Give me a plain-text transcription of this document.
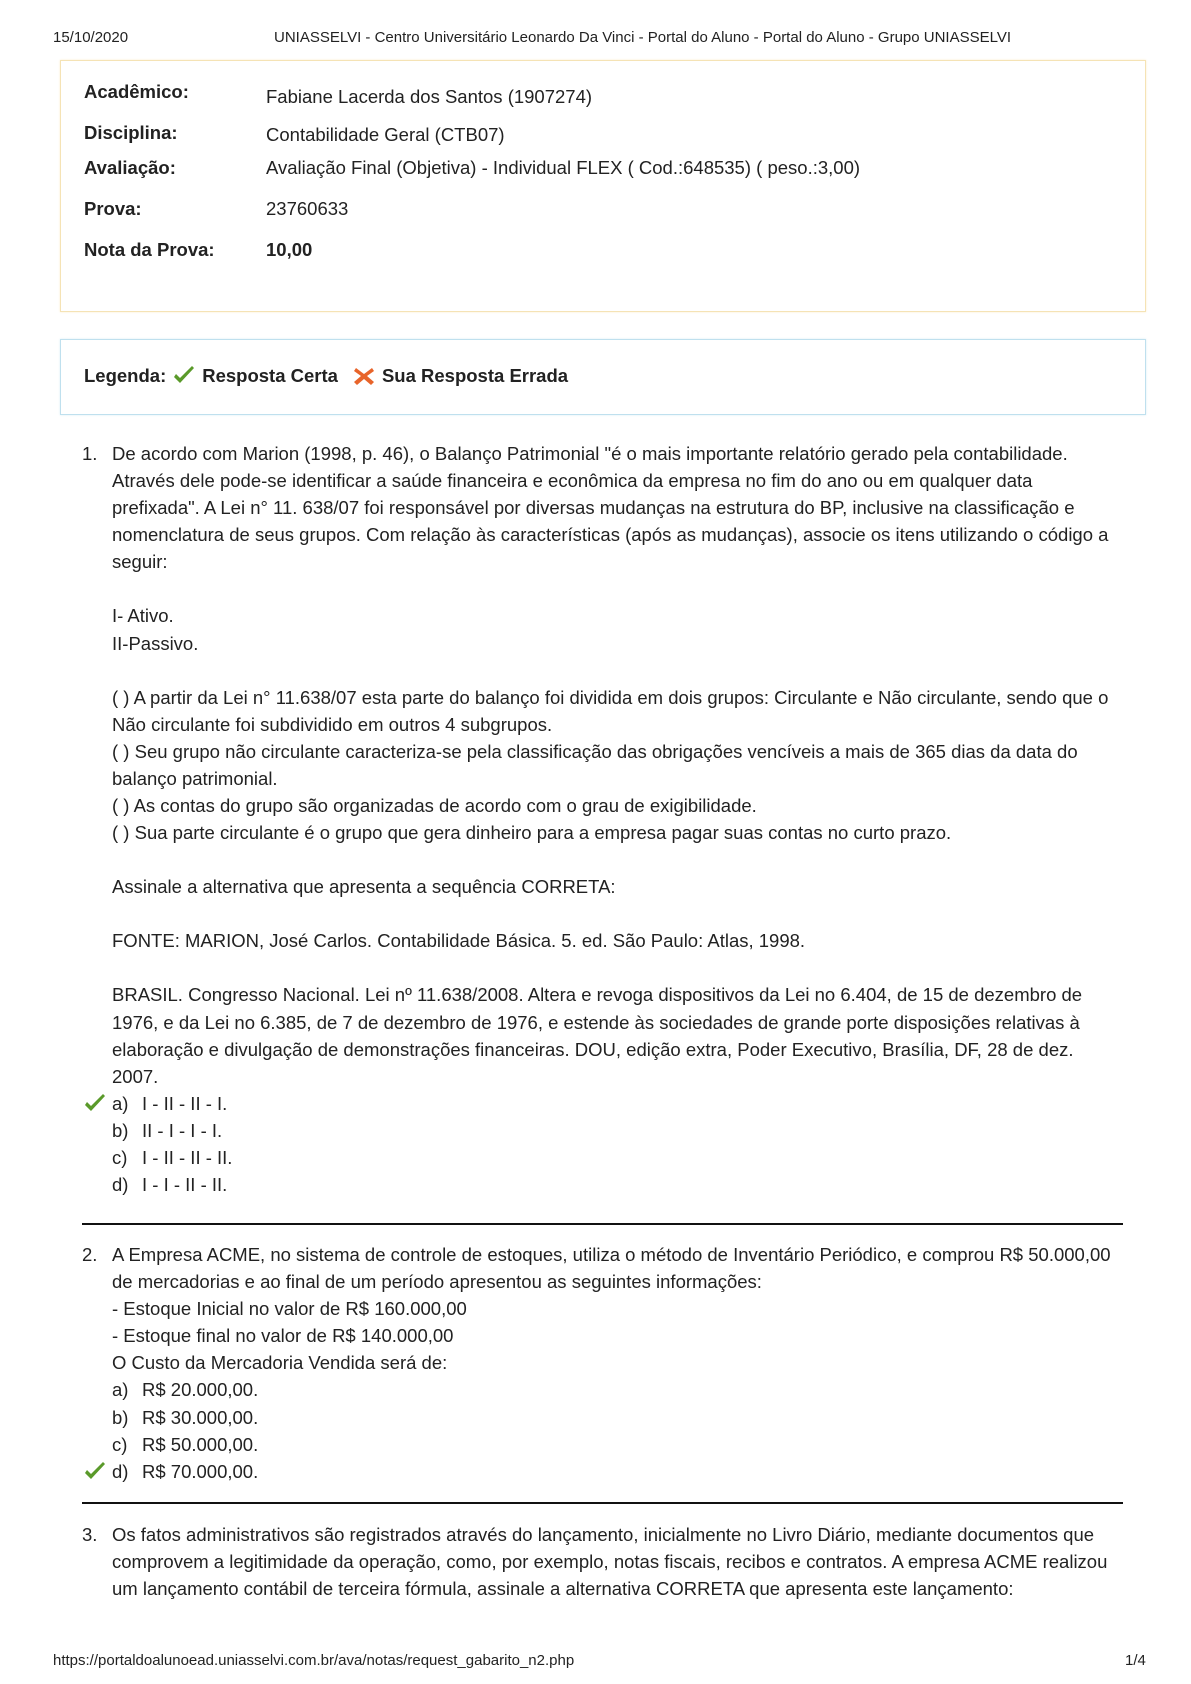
15/10/2020	UNIASSELVI - Centro Universitário Leonardo Da Vinci - Portal do Aluno - Portal do Aluno - Grupo UNIASSELVI
Acadêmico:	Fabiane Lacerda dos Santos (1907274)
Disciplina:	Contabilidade Geral (CTB07)
Avaliação:	Avaliação Final (Objetiva) - Individual FLEX ( Cod.:648535) ( peso.:3,00)
Prova:	23760633
Nota da Prova:	10,00
Legenda: Resposta Certa Sua Resposta Errada
1. De acordo com Marion (1998, p. 46), o Balanço Patrimonial "é o mais importante relatório gerado pela contabilidade. Através dele pode-se identificar a saúde financeira e econômica da empresa no fim do ano ou em qualquer data prefixada". A Lei n° 11. 638/07 foi responsável por diversas mudanças na estrutura do BP, inclusive na classificação e nomenclatura de seus grupos. Com relação às características (após as mudanças), associe os itens utilizando o código a seguir:

I- Ativo.

II-Passivo.

( ) A partir da Lei n° 11.638/07 esta parte do balanço foi dividida em dois grupos: Circulante e Não circulante, sendo que o Não circulante foi subdividido em outros 4 subgrupos.

( ) Seu grupo não circulante caracteriza-se pela classificação das obrigações vencíveis a mais de 365 dias da data do balanço patrimonial.

( ) As contas do grupo são organizadas de acordo com o grau de exigibilidade.

( ) Sua parte circulante é o grupo que gera dinheiro para a empresa pagar suas contas no curto prazo.

Assinale a alternativa que apresenta a sequência CORRETA:

FONTE: MARION, José Carlos. Contabilidade Básica. 5. ed. São Paulo: Atlas, 1998.

BRASIL. Congresso Nacional. Lei nº 11.638/2008. Altera e revoga dispositivos da Lei no 6.404, de 15 de dezembro de 1976, e da Lei no 6.385, de 7 de dezembro de 1976, e estende às sociedades de grande porte disposições relativas à elaboração e divulgação de demonstrações financeiras. DOU, edição extra, Poder Executivo, Brasília, DF, 28 de dez. 2007.

a) I - II - II - I.
b) II - I - I - I.
c) I - II - II - II.
d) I - I - II - II.
2. A Empresa ACME, no sistema de controle de estoques, utiliza o método de Inventário Periódico, e comprou R$ 50.000,00 de mercadorias e ao final de um período apresentou as seguintes informações:

- Estoque Inicial no valor de R$ 160.000,00

- Estoque final no valor de R$ 140.000,00

O Custo da Mercadoria Vendida será de:

a) R$ 20.000,00.
b) R$ 30.000,00.
c) R$ 50.000,00.
d) R$ 70.000,00.
3. Os fatos administrativos são registrados através do lançamento, inicialmente no Livro Diário, mediante documentos que comprovem a legitimidade da operação, como, por exemplo, notas fiscais, recibos e contratos. A empresa ACME realizou um lançamento contábil de terceira fórmula, assinale a alternativa CORRETA que apresenta este lançamento:

https://portaldoalunoead.uniasselvi.com.br/ava/notas/request_gabarito_n2.php	1/4
